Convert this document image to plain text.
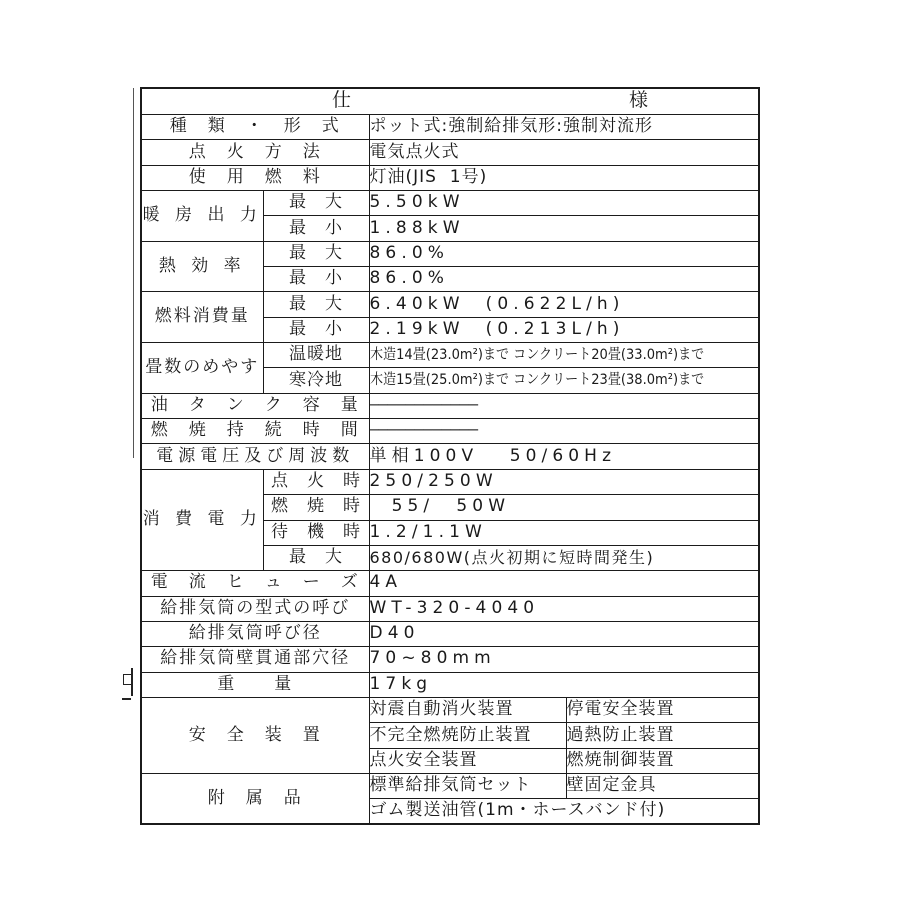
仕 様			

種　類　・　形　式		ポット式:強制給排気形:強制対流形	
点　火　方　法		電気点火式	
使　用　燃　料		灯油(JIS  1号)	
暖 房 出 力	最　大	5.50kW	
	最　小	1.88kW	
熱 効 率	最　大	86.0%	
	最　小	86.0%	
燃料消費量	最　大	6.40kW  (0.622L/h)	
	最　小	2.19kW  (0.213L/h)	
畳数のめやす	温暖地	木造14畳(23.0m²)まで コンクリート20畳(33.0m²)まで	
	寒冷地	木造15畳(25.0m²)まで コンクリート23畳(38.0m²)まで	
油　タ　ン　ク　容　量		────────────	
燃　焼　持　続　時　間		────────────	
電源電圧及び周波数		単相100V   50/60Hz	
消 費 電 力	点　火　時	250/250W	
	燃　焼　時	　55/　50W	
	待　機　時	1.2/1.1W	
	最　大	680/680W(点火初期に短時間発生)	
電　流　ヒ　ュ　ー　ズ		4A	
給排気筒の型式の呼び		WT-320-4040	
給排気筒呼び径		D40	
給排気筒壁貫通部穴径		70~80mm	
重　　量		17kg	
安　全　装　置		対震自動消火装置	停電安全装置
		不完全燃焼防止装置	過熱防止装置
		点火安全装置	燃焼制御装置
附　属　品		標準給排気筒セット	壁固定金具
		ゴム製送油管(1m・ホースバンド付)	
